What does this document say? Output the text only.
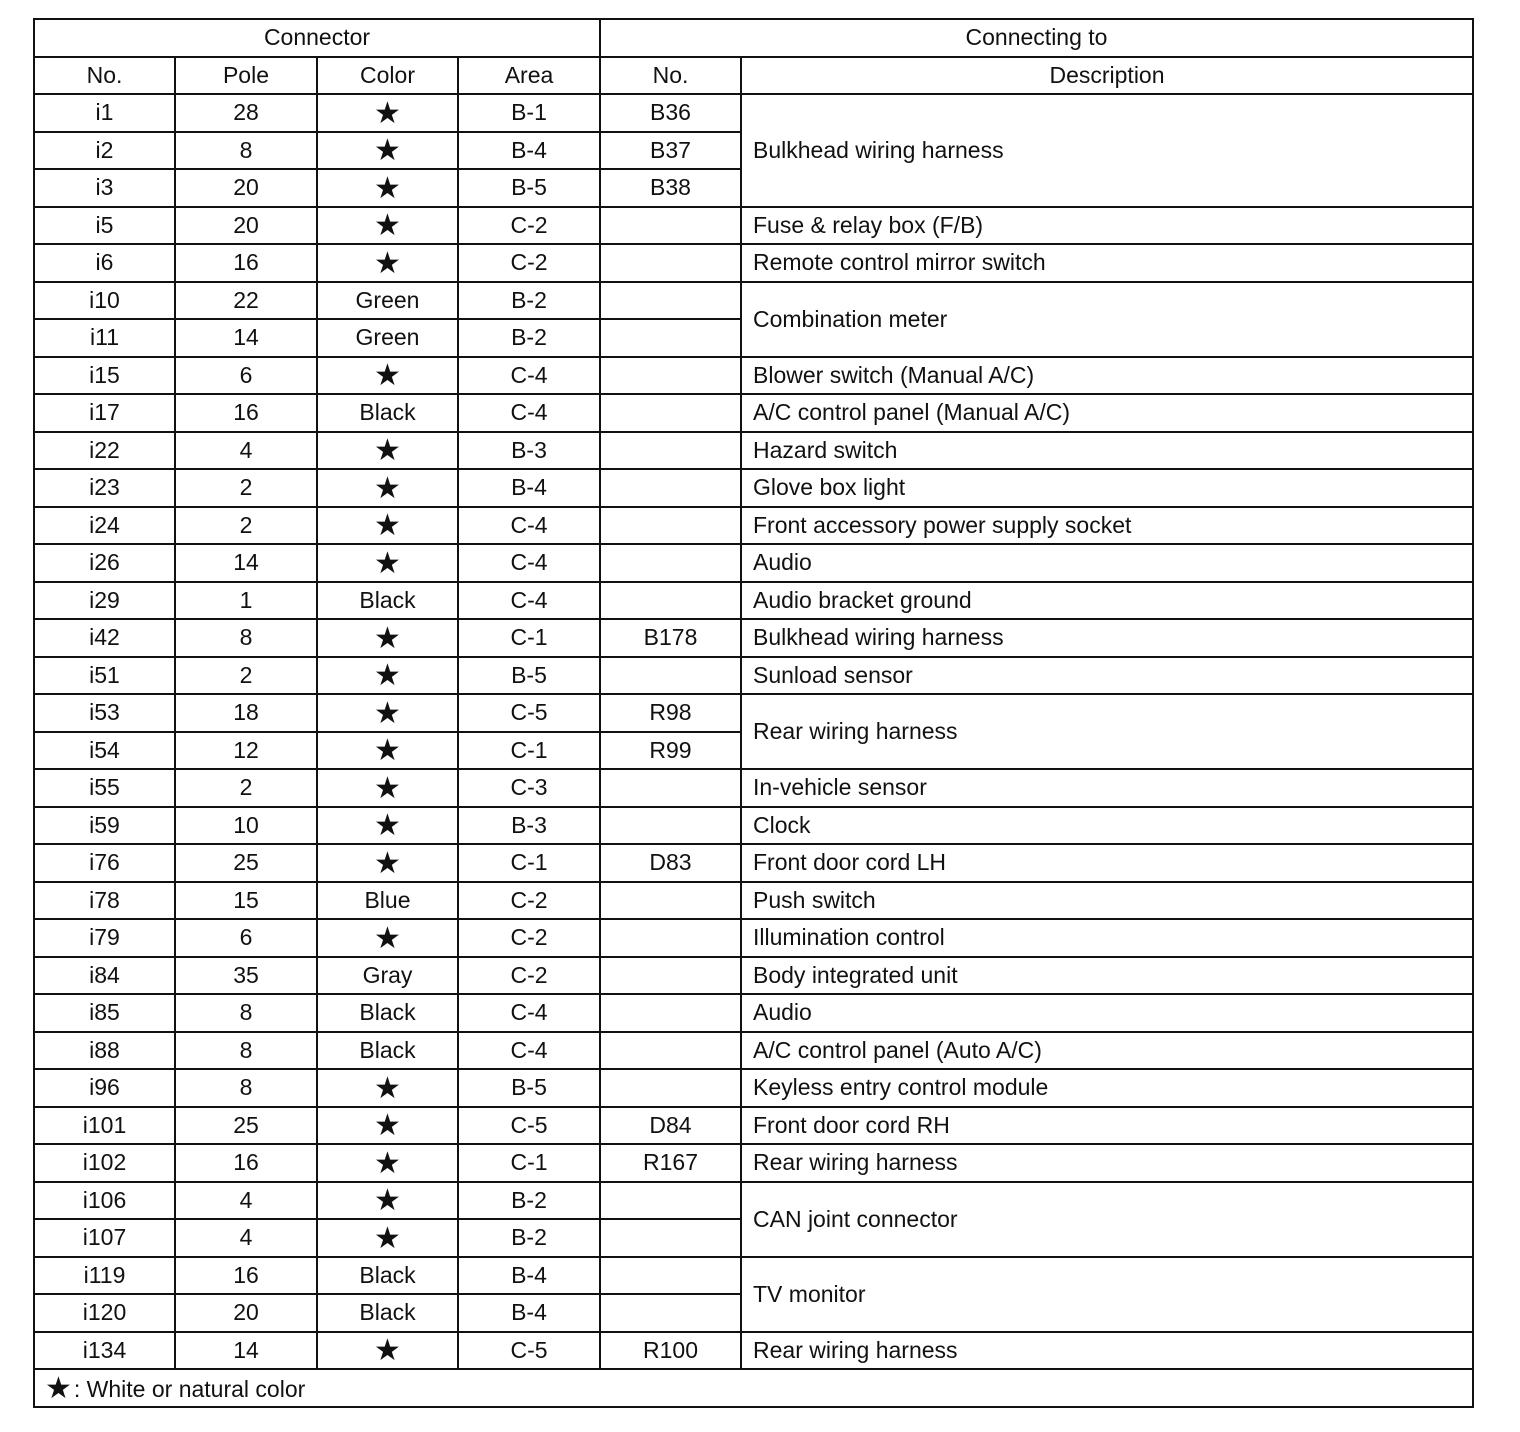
Connector				Connecting to	
No.	Pole	Color	Area	No.	Description
i1	28	★	B-1	B36	Bulkhead wiring harness
i2	8	★	B-4	B37	
i3	20	★	B-5	B38	
i5	20	★	C-2		Fuse & relay box (F/B)
i6	16	★	C-2		Remote control mirror switch
i10	22	Green	B-2		Combination meter
i11	14	Green	B-2		
i15	6	★	C-4		Blower switch (Manual A/C)
i17	16	Black	C-4		A/C control panel (Manual A/C)
i22	4	★	B-3		Hazard switch
i23	2	★	B-4		Glove box light
i24	2	★	C-4		Front accessory power supply socket
i26	14	★	C-4		Audio
i29	1	Black	C-4		Audio bracket ground
i42	8	★	C-1	B178	Bulkhead wiring harness
i51	2	★	B-5		Sunload sensor
i53	18	★	C-5	R98	Rear wiring harness
i54	12	★	C-1	R99	
i55	2	★	C-3		In-vehicle sensor
i59	10	★	B-3		Clock
i76	25	★	C-1	D83	Front door cord LH
i78	15	Blue	C-2		Push switch
i79	6	★	C-2		Illumination control
i84	35	Gray	C-2		Body integrated unit
i85	8	Black	C-4		Audio
i88	8	Black	C-4		A/C control panel (Auto A/C)
i96	8	★	B-5		Keyless entry control module
i101	25	★	C-5	D84	Front door cord RH
i102	16	★	C-1	R167	Rear wiring harness
i106	4	★	B-2		CAN joint connector
i107	4	★	B-2		
i119	16	Black	B-4		TV monitor
i120	20	Black	B-4		
i134	14	★	C-5	R100	Rear wiring harness
★: White or natural color					
